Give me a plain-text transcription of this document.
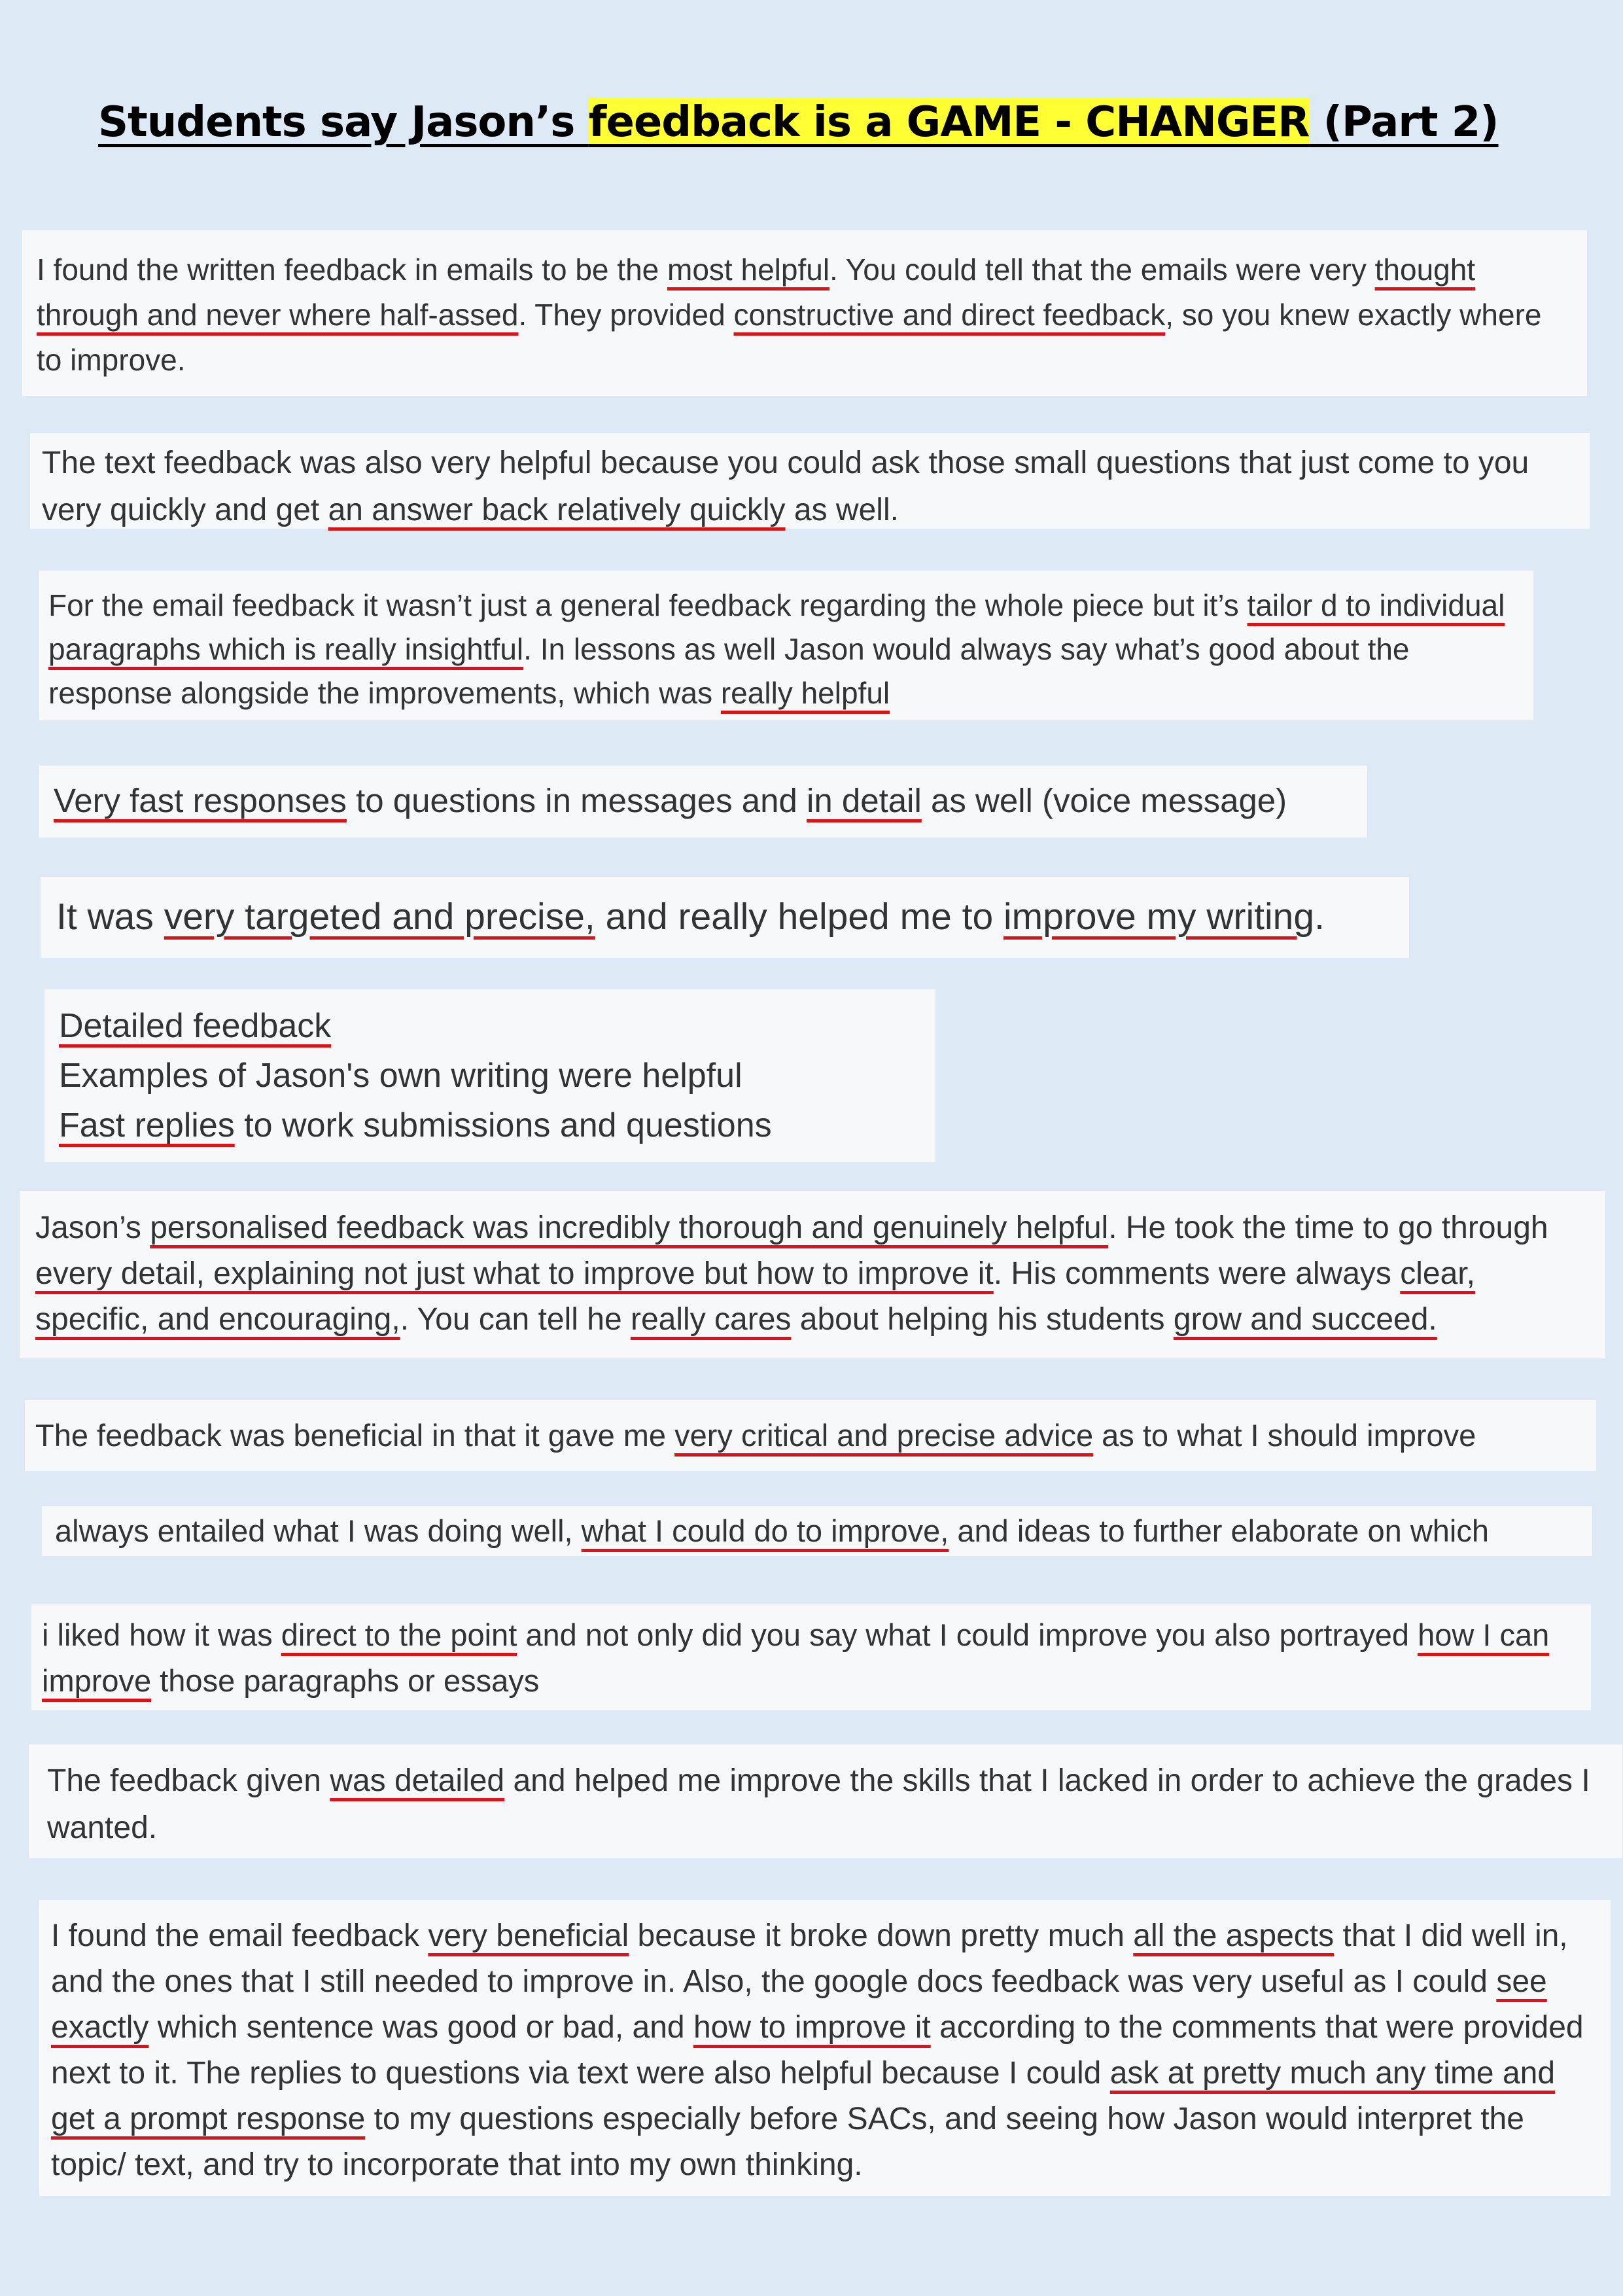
Students say Jason’s feedback is a GAME - CHANGER (Part 2)
I found the written feedback in emails to be the most helpful. You could tell that the emails were very thought through and never where half-assed. They provided constructive and direct feedback, so you knew exactly where to improve.
The text feedback was also very helpful because you could ask those small questions that just come to you very quickly and get an answer back relatively quickly as well.
For the email feedback it wasn’t just a general feedback regarding the whole piece but it’s tailor d to individual paragraphs which is really insightful. In lessons as well Jason would always say what’s good about the response alongside the improvements, which was really helpful
Very fast responses to questions in messages and in detail as well (voice message)
It was very targeted and precise, and really helped me to improve my writing.
Detailed feedback
Examples of Jason's own writing were helpful
Fast replies to work submissions and questions
Jason’s personalised feedback was incredibly thorough and genuinely helpful. He took the time to go through every detail, explaining not just what to improve but how to improve it. His comments were always clear, specific, and encouraging,. You can tell he really cares about helping his students grow and succeed.
The feedback was beneficial in that it gave me very critical and precise advice as to what I should improve
always entailed what I was doing well, what I could do to improve, and ideas to further elaborate on which
i liked how it was direct to the point and not only did you say what I could improve you also portrayed how I can improve those paragraphs or essays
The feedback given was detailed and helped me improve the skills that I lacked in order to achieve the grades I wanted.
I found the email feedback very beneficial because it broke down pretty much all the aspects that I did well in, and the ones that I still needed to improve in. Also, the google docs feedback was very useful as I could see exactly which sentence was good or bad, and how to improve it according to the comments that were provided next to it. The replies to questions via text were also helpful because I could ask at pretty much any time and get a prompt response to my questions especially before SACs, and seeing how Jason would interpret the topic/ text, and try to incorporate that into my own thinking.
